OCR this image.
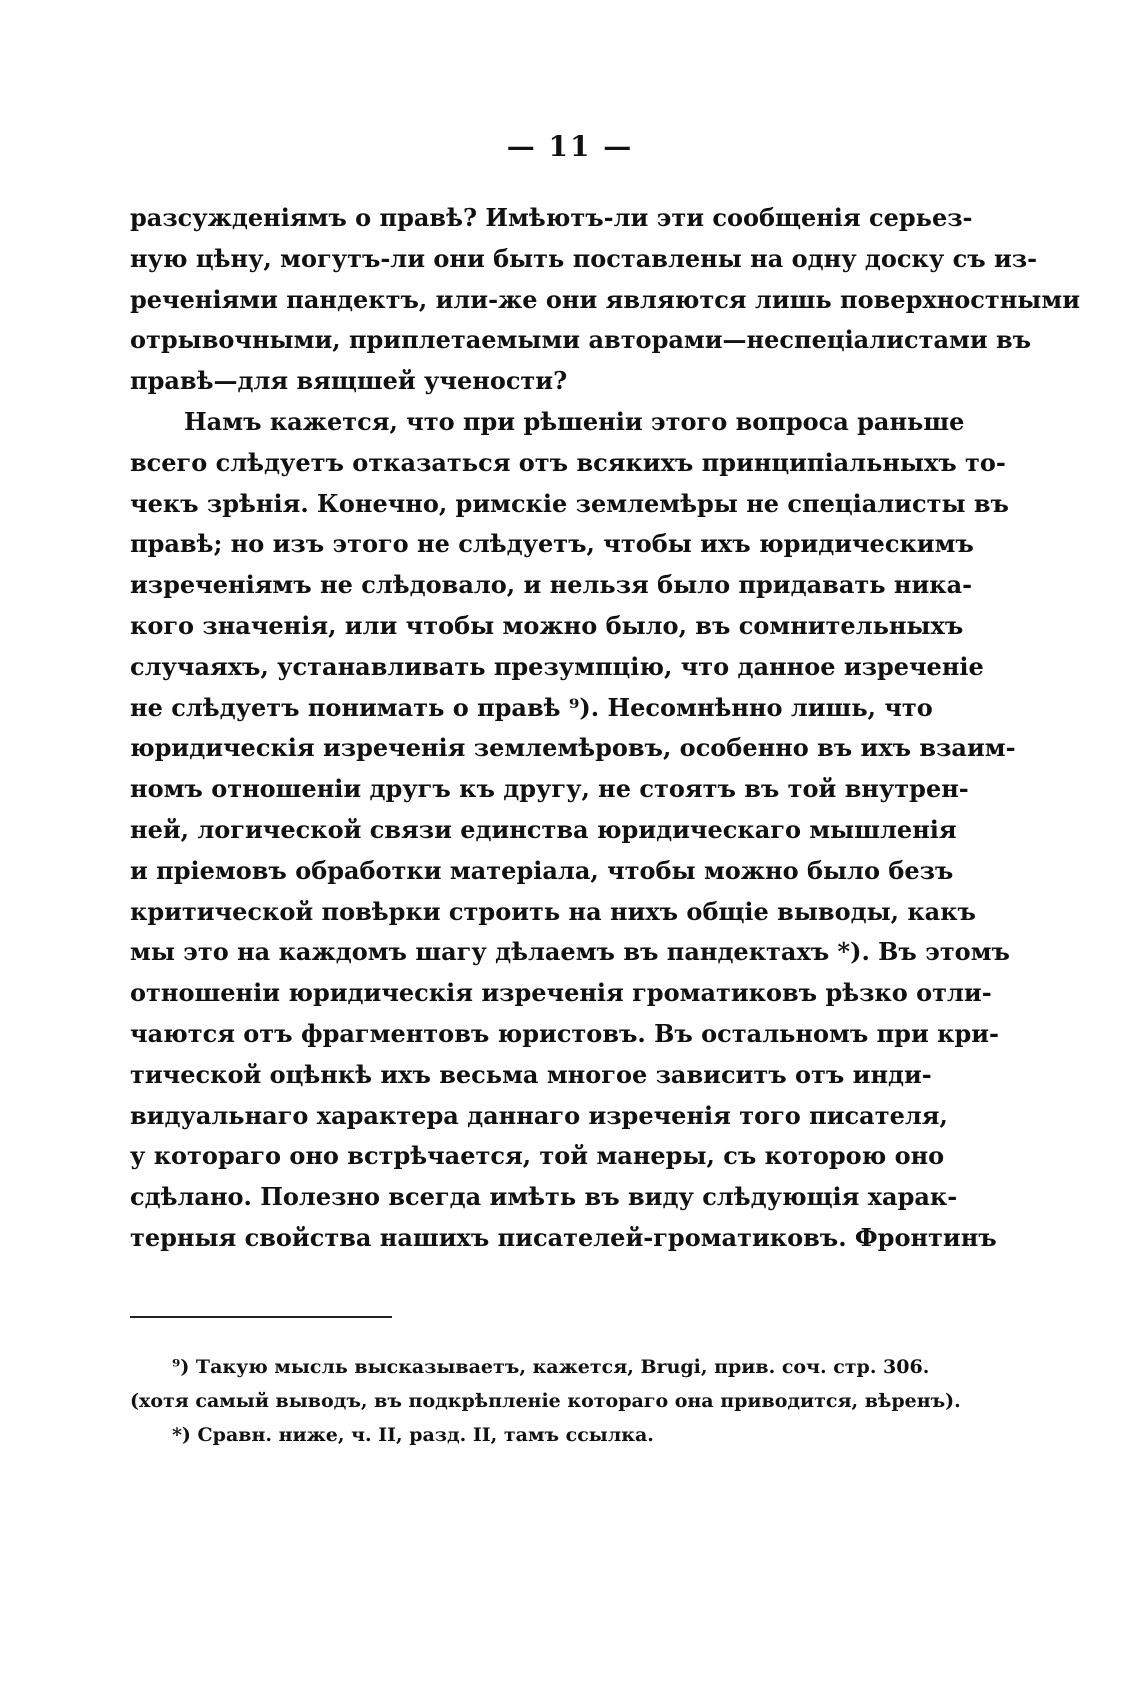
— 11 —
разсужденіямъ о правѣ? Имѣютъ-ли эти сообщенія серьез-
ную цѣну, могутъ-ли они быть поставлены на одну доску съ из-
реченіями пандектъ, или-же они являются лишь поверхностными
отрывочными, приплетаемыми авторами—неспеціалистами въ
правѣ—для вящшей учености?
Намъ кажется, что при рѣшеніи этого вопроса раньше
всего слѣдуетъ отказаться отъ всякихъ принципіальныхъ то-
чекъ зрѣнія. Конечно, римскіе землемѣры не спеціалисты въ
правѣ; но изъ этого не слѣдуетъ, чтобы ихъ юридическимъ
изреченіямъ не слѣдовало, и нельзя было придавать ника-
кого значенія, или чтобы можно было, въ сомнительныхъ
случаяхъ, устанавливать презумпцію, что данное изреченіе
не слѣдуетъ понимать о правѣ ⁹). Несомнѣнно лишь, что
юридическія изреченія землемѣровъ, особенно въ ихъ взаим-
номъ отношеніи другъ къ другу, не стоятъ въ той внутрен-
ней, логической связи единства юридическаго мышленія
и пріемовъ обработки матеріала, чтобы можно было безъ
критической повѣрки строить на нихъ общіе выводы, какъ
мы это на каждомъ шагу дѣлаемъ въ пандектахъ *). Въ этомъ
отношеніи юридическія изреченія громатиковъ рѣзко отли-
чаются отъ фрагментовъ юристовъ. Въ остальномъ при кри-
тической оцѣнкѣ ихъ весьма многое зависитъ отъ инди-
видуальнаго характера даннаго изреченія того писателя,
у котораго оно встрѣчается, той манеры, съ которою оно
сдѣлано. Полезно всегда имѣть въ виду слѣдующія харак-
терныя свойства нашихъ писателей-громатиковъ. Фронтинъ
⁹) Такую мысль высказываетъ, кажется, Brugi, прив. соч. стр. 306.
(хотя самый выводъ, въ подкрѣпленіе котораго она приводится, вѣренъ).
*) Сравн. ниже, ч. II, разд. II, тамъ ссылка.
